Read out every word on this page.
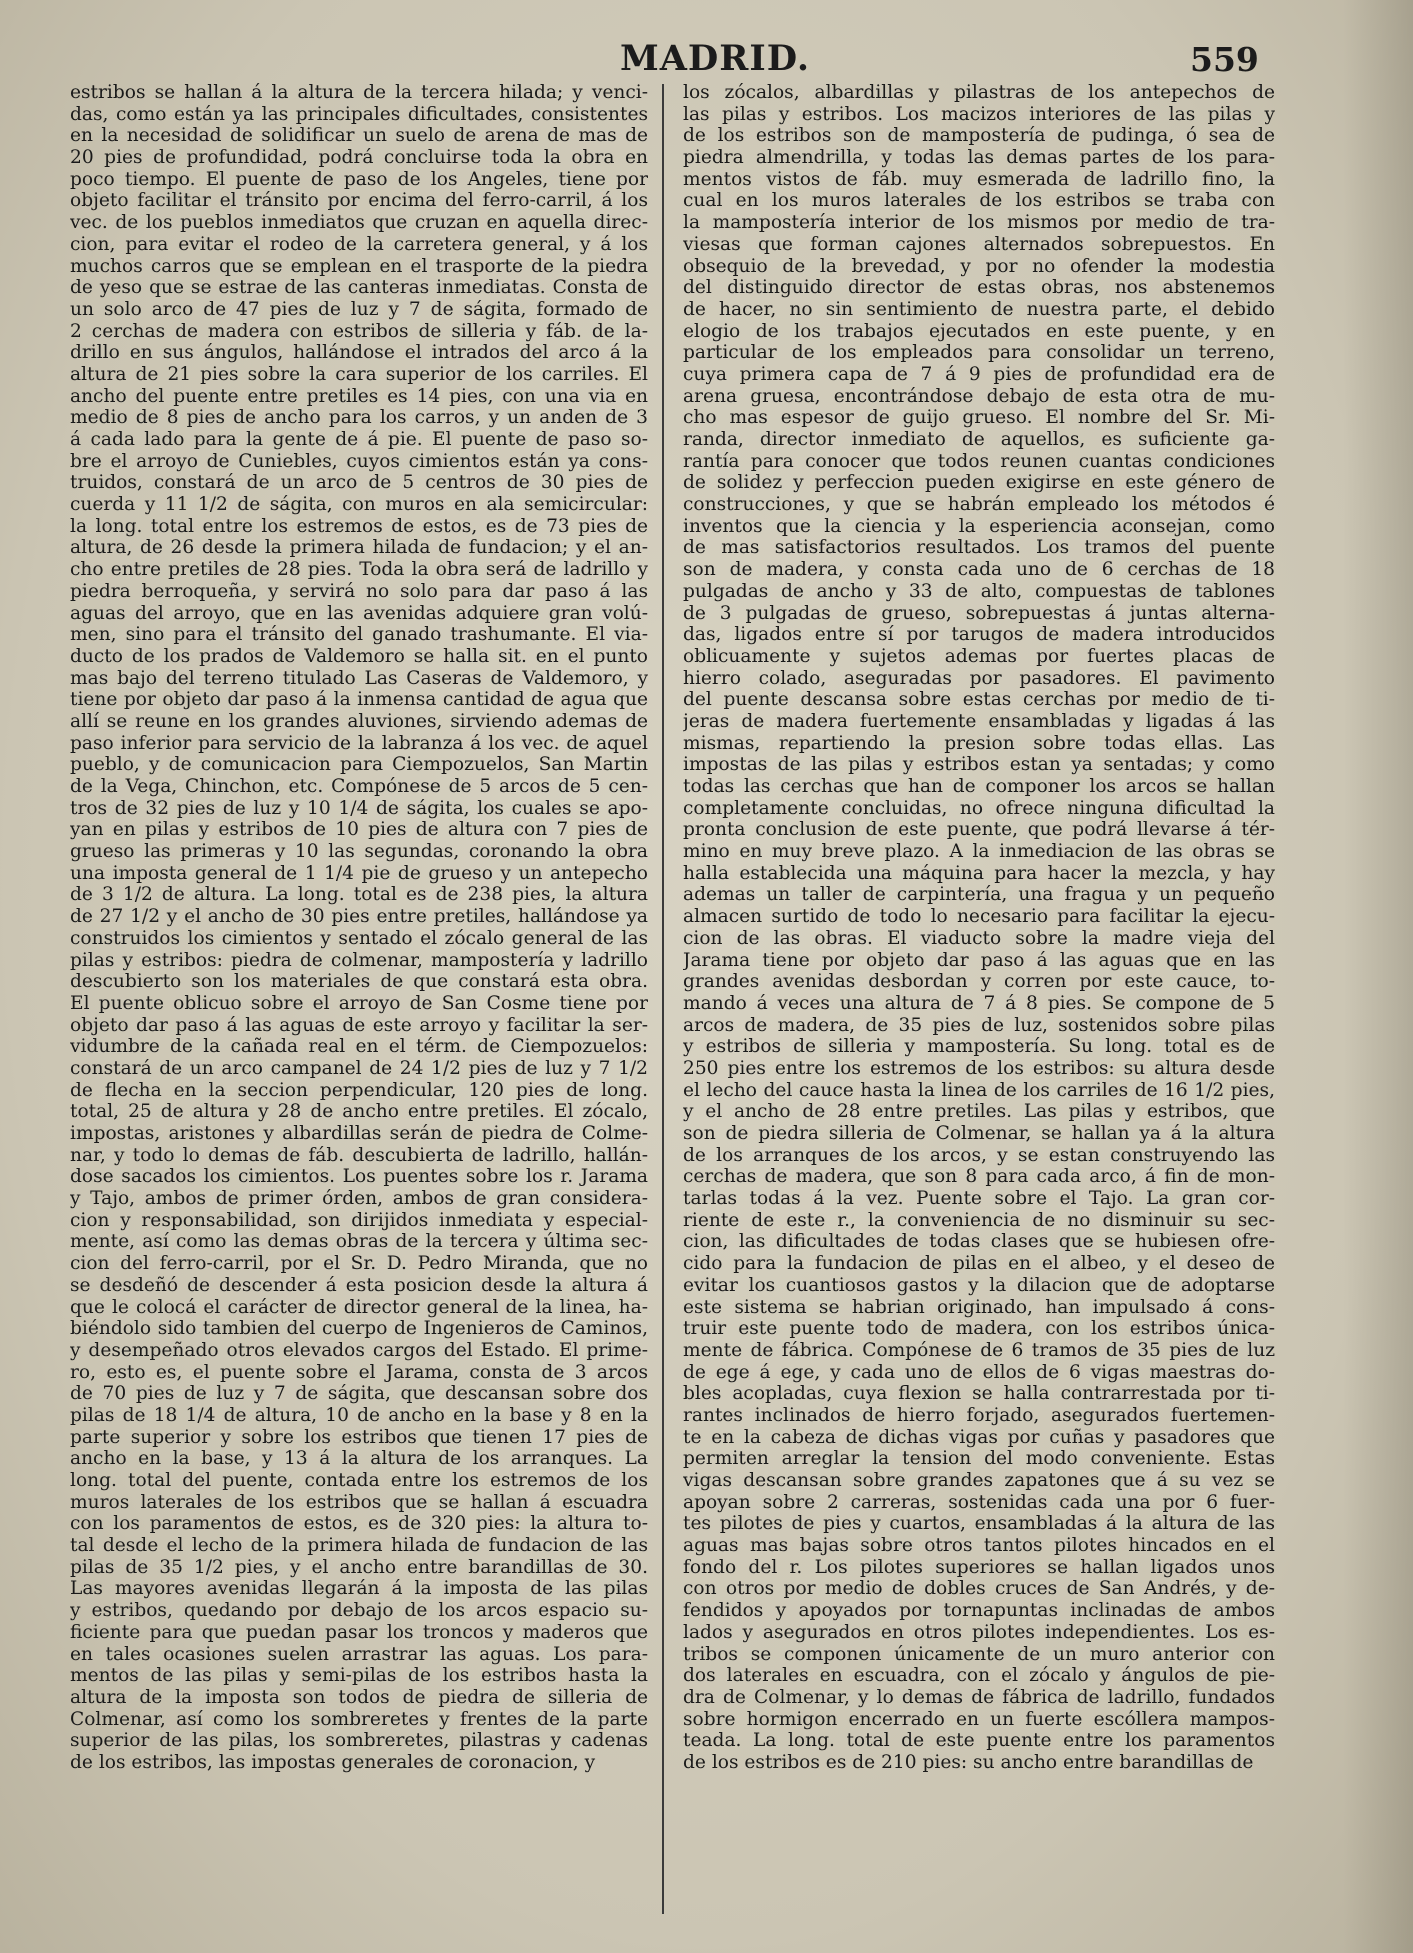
MADRID.	559
estribos se hallan á la altura de la tercera hilada; y venci-
das, como están ya las principales dificultades, consistentes
en la necesidad de solidificar un suelo de arena de mas de
20 pies de profundidad, podrá concluirse toda la obra en
poco tiempo. El puente de paso de los Angeles, tiene por
objeto facilitar el tránsito por encima del ferro-carril, á los
vec. de los pueblos inmediatos que cruzan en aquella direc-
cion, para evitar el rodeo de la carretera general, y á los
muchos carros que se emplean en el trasporte de la piedra
de yeso que se estrae de las canteras inmediatas. Consta de
un solo arco de 47 pies de luz y 7 de ságita, formado de
2 cerchas de madera con estribos de silleria y fáb. de la-
drillo en sus ángulos, hallándose el intrados del arco á la
altura de 21 pies sobre la cara superior de los carriles. El
ancho del puente entre pretiles es 14 pies, con una via en
medio de 8 pies de ancho para los carros, y un anden de 3
á cada lado para la gente de á pie. El puente de paso so-
bre el arroyo de Cuniebles, cuyos cimientos están ya cons-
truidos, constará de un arco de 5 centros de 30 pies de
cuerda y 11 1/2 de ságita, con muros en ala semicircular:
la long. total entre los estremos de estos, es de 73 pies de
altura, de 26 desde la primera hilada de fundacion; y el an-
cho entre pretiles de 28 pies. Toda la obra será de ladrillo y
piedra berroqueña, y servirá no solo para dar paso á las
aguas del arroyo, que en las avenidas adquiere gran volú-
men, sino para el tránsito del ganado trashumante. El via-
ducto de los prados de Valdemoro se halla sit. en el punto
mas bajo del terreno titulado Las Caseras de Valdemoro, y
tiene por objeto dar paso á la inmensa cantidad de agua que
allí se reune en los grandes aluviones, sirviendo ademas de
paso inferior para servicio de la labranza á los vec. de aquel
pueblo, y de comunicacion para Ciempozuelos, San Martin
de la Vega, Chinchon, etc. Compónese de 5 arcos de 5 cen-
tros de 32 pies de luz y 10 1/4 de ságita, los cuales se apo-
yan en pilas y estribos de 10 pies de altura con 7 pies de
grueso las primeras y 10 las segundas, coronando la obra
una imposta general de 1 1/4 pie de grueso y un antepecho
de 3 1/2 de altura. La long. total es de 238 pies, la altura
de 27 1/2 y el ancho de 30 pies entre pretiles, hallándose ya
construidos los cimientos y sentado el zócalo general de las
pilas y estribos: piedra de colmenar, mampostería y ladrillo
descubierto son los materiales de que constará esta obra.
El puente oblicuo sobre el arroyo de San Cosme tiene por
objeto dar paso á las aguas de este arroyo y facilitar la ser-
vidumbre de la cañada real en el térm. de Ciempozuelos:
constará de un arco campanel de 24 1/2 pies de luz y 7 1/2
de flecha en la seccion perpendicular, 120 pies de long.
total, 25 de altura y 28 de ancho entre pretiles. El zócalo,
impostas, aristones y albardillas serán de piedra de Colme-
nar, y todo lo demas de fáb. descubierta de ladrillo, hallán-
dose sacados los cimientos. Los puentes sobre los r. Jarama
y Tajo, ambos de primer órden, ambos de gran considera-
cion y responsabilidad, son dirijidos inmediata y especial-
mente, así como las demas obras de la tercera y última sec-
cion del ferro-carril, por el Sr. D. Pedro Miranda, que no
se desdeñó de descender á esta posicion desde la altura á
que le colocá el carácter de director general de la linea, ha-
biéndolo sido tambien del cuerpo de Ingenieros de Caminos,
y desempeñado otros elevados cargos del Estado. El prime-
ro, esto es, el puente sobre el Jarama, consta de 3 arcos
de 70 pies de luz y 7 de ságita, que descansan sobre dos
pilas de 18 1/4 de altura, 10 de ancho en la base y 8 en la
parte superior y sobre los estribos que tienen 17 pies de
ancho en la base, y 13 á la altura de los arranques. La
long. total del puente, contada entre los estremos de los
muros laterales de los estribos que se hallan á escuadra
con los paramentos de estos, es de 320 pies: la altura to-
tal desde el lecho de la primera hilada de fundacion de las
pilas de 35 1/2 pies, y el ancho entre barandillas de 30.
Las mayores avenidas llegarán á la imposta de las pilas
y estribos, quedando por debajo de los arcos espacio su-
ficiente para que puedan pasar los troncos y maderos que
en tales ocasiones suelen arrastrar las aguas. Los para-
mentos de las pilas y semi-pilas de los estribos hasta la
altura de la imposta son todos de piedra de silleria de
Colmenar, así como los sombreretes y frentes de la parte
superior de las pilas, los sombreretes, pilastras y cadenas
de los estribos, las impostas generales de coronacion, y
los zócalos, albardillas y pilastras de los antepechos de
las pilas y estribos. Los macizos interiores de las pilas y
de los estribos son de mampostería de pudinga, ó sea de
piedra almendrilla, y todas las demas partes de los para-
mentos vistos de fáb. muy esmerada de ladrillo fino, la
cual en los muros laterales de los estribos se traba con
la mampostería interior de los mismos por medio de tra-
viesas que forman cajones alternados sobrepuestos. En
obsequio de la brevedad, y por no ofender la modestia
del distinguido director de estas obras, nos abstenemos
de hacer, no sin sentimiento de nuestra parte, el debido
elogio de los trabajos ejecutados en este puente, y en
particular de los empleados para consolidar un terreno,
cuya primera capa de 7 á 9 pies de profundidad era de
arena gruesa, encontrándose debajo de esta otra de mu-
cho mas espesor de guijo grueso. El nombre del Sr. Mi-
randa, director inmediato de aquellos, es suficiente ga-
rantía para conocer que todos reunen cuantas condiciones
de solidez y perfeccion pueden exigirse en este género de
construcciones, y que se habrán empleado los métodos é
inventos que la ciencia y la esperiencia aconsejan, como
de mas satisfactorios resultados. Los tramos del puente
son de madera, y consta cada uno de 6 cerchas de 18
pulgadas de ancho y 33 de alto, compuestas de tablones
de 3 pulgadas de grueso, sobrepuestas á juntas alterna-
das, ligados entre sí por tarugos de madera introducidos
oblicuamente y sujetos ademas por fuertes placas de
hierro colado, aseguradas por pasadores. El pavimento
del puente descansa sobre estas cerchas por medio de ti-
jeras de madera fuertemente ensambladas y ligadas á las
mismas, repartiendo la presion sobre todas ellas. Las
impostas de las pilas y estribos estan ya sentadas; y como
todas las cerchas que han de componer los arcos se hallan
completamente concluidas, no ofrece ninguna dificultad la
pronta conclusion de este puente, que podrá llevarse á tér-
mino en muy breve plazo. A la inmediacion de las obras se
halla establecida una máquina para hacer la mezcla, y hay
ademas un taller de carpintería, una fragua y un pequeño
almacen surtido de todo lo necesario para facilitar la ejecu-
cion de las obras. El viaducto sobre la madre vieja del
Jarama tiene por objeto dar paso á las aguas que en las
grandes avenidas desbordan y corren por este cauce, to-
mando á veces una altura de 7 á 8 pies. Se compone de 5
arcos de madera, de 35 pies de luz, sostenidos sobre pilas
y estribos de silleria y mampostería. Su long. total es de
250 pies entre los estremos de los estribos: su altura desde
el lecho del cauce hasta la linea de los carriles de 16 1/2 pies,
y el ancho de 28 entre pretiles. Las pilas y estribos, que
son de piedra silleria de Colmenar, se hallan ya á la altura
de los arranques de los arcos, y se estan construyendo las
cerchas de madera, que son 8 para cada arco, á fin de mon-
tarlas todas á la vez. Puente sobre el Tajo. La gran cor-
riente de este r., la conveniencia de no disminuir su sec-
cion, las dificultades de todas clases que se hubiesen ofre-
cido para la fundacion de pilas en el albeo, y el deseo de
evitar los cuantiosos gastos y la dilacion que de adoptarse
este sistema se habrian originado, han impulsado á cons-
truir este puente todo de madera, con los estribos única-
mente de fábrica. Compónese de 6 tramos de 35 pies de luz
de ege á ege, y cada uno de ellos de 6 vigas maestras do-
bles acopladas, cuya flexion se halla contrarrestada por ti-
rantes inclinados de hierro forjado, asegurados fuertemen-
te en la cabeza de dichas vigas por cuñas y pasadores que
permiten arreglar la tension del modo conveniente. Estas
vigas descansan sobre grandes zapatones que á su vez se
apoyan sobre 2 carreras, sostenidas cada una por 6 fuer-
tes pilotes de pies y cuartos, ensambladas á la altura de las
aguas mas bajas sobre otros tantos pilotes hincados en el
fondo del r. Los pilotes superiores se hallan ligados unos
con otros por medio de dobles cruces de San Andrés, y de-
fendidos y apoyados por tornapuntas inclinadas de ambos
lados y asegurados en otros pilotes independientes. Los es-
tribos se componen únicamente de un muro anterior con
dos laterales en escuadra, con el zócalo y ángulos de pie-
dra de Colmenar, y lo demas de fábrica de ladrillo, fundados
sobre hormigon encerrado en un fuerte escóllera mampos-
teada. La long. total de este puente entre los paramentos
de los estribos es de 210 pies: su ancho entre barandillas de
